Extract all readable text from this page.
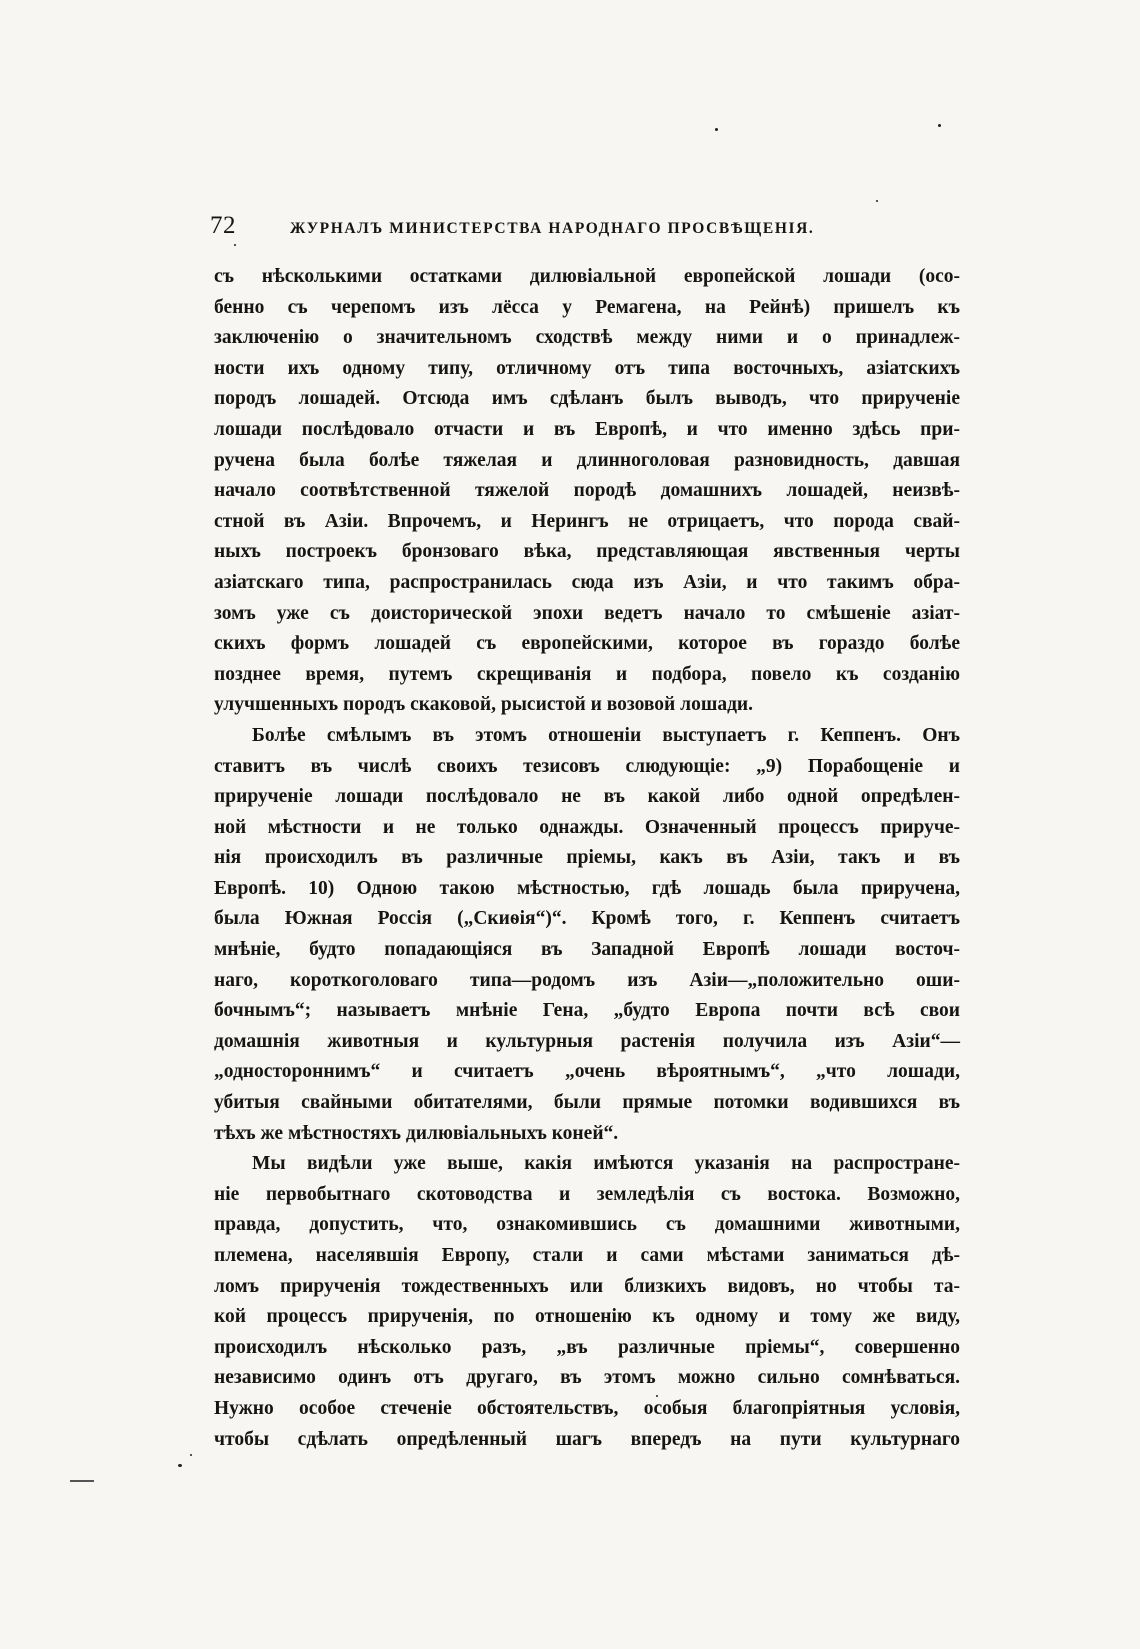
72	ЖУРНАЛЪ МИНИСТЕРСТВА НАРОДНАГО ПРОСВѢЩЕНІЯ.
съ нѣсколькими остатками дилювіальной европейской лошади (осо-
бенно съ черепомъ изъ лёсса у Ремагена, на Рейнѣ) пришелъ къ
заключенію о значительномъ сходствѣ между ними и о принадлеж-
ности ихъ одному типу, отличному отъ типа восточныхъ, азіатскихъ
породъ лошадей. Отсюда имъ сдѣланъ былъ выводъ, что прирученіе
лошади послѣдовало отчасти и въ Европѣ, и что именно здѣсь при-
ручена была болѣе тяжелая и длинноголовая разновидность, давшая
начало соотвѣтственной тяжелой породѣ домашнихъ лошадей, неизвѣ-
стной въ Азіи. Впрочемъ, и Нерингъ не отрицаетъ, что порода свай-
ныхъ построекъ бронзоваго вѣка, представляющая явственныя черты
азіатскаго типа, распространилась сюда изъ Азіи, и что такимъ обра-
зомъ уже съ доисторической эпохи ведетъ начало то смѣшеніе азіат-
скихъ формъ лошадей съ европейскими, которое въ гораздо болѣе
позднее время, путемъ скрещиванія и подбора, повело къ созданію
улучшенныхъ породъ скаковой, рысистой и возовой лошади.
Болѣе смѣлымъ въ этомъ отношеніи выступаетъ г. Кеппенъ. Онъ
ставитъ въ числѣ своихъ тезисовъ слюдующіе: „9) Порабощеніе и
прирученіе лошади послѣдовало не въ какой либо одной опредѣлен-
ной мѣстности и не только однажды. Означенный процессъ прируче-
нія происходилъ въ различные пріемы, какъ въ Азіи, такъ и въ
Европѣ. 10) Одною такою мѣстностью, гдѣ лошадь была приручена,
была Южная Россія („Скиѳія“)“. Кромѣ того, г. Кеппенъ считаетъ
мнѣніе, будто попадающіяся въ Западной Европѣ лошади восточ-
наго, короткоголоваго типа—родомъ изъ Азіи—„положительно оши-
бочнымъ“; называетъ мнѣніе Гена, „будто Европа почти всѣ свои
домашнія животныя и культурныя растенія получила изъ Азіи“—
„одностороннимъ“ и считаетъ „очень вѣроятнымъ“, „что лошади,
убитыя свайными обитателями, были прямые потомки водившихся въ
тѣхъ же мѣстностяхъ дилювіальныхъ коней“.
Мы видѣли уже выше, какія имѣются указанія на распростране-
ніе первобытнаго скотоводства и земледѣлія съ востока. Возможно,
правда, допустить, что, ознакомившись съ домашними животными,
племена, населявшія Европу, стали и сами мѣстами заниматься дѣ-
ломъ прирученія тождественныхъ или близкихъ видовъ, но чтобы та-
кой процессъ прирученія, по отношенію къ одному и тому же виду,
происходилъ нѣсколько разъ, „въ различные пріемы“, совершенно
независимо одинъ отъ другаго, въ этомъ можно сильно сомнѣваться.
Нужно особое стеченіе обстоятельствъ, особыя благопріятныя условія,
чтобы сдѣлать опредѣленный шагъ впередъ на пути культурнаго
